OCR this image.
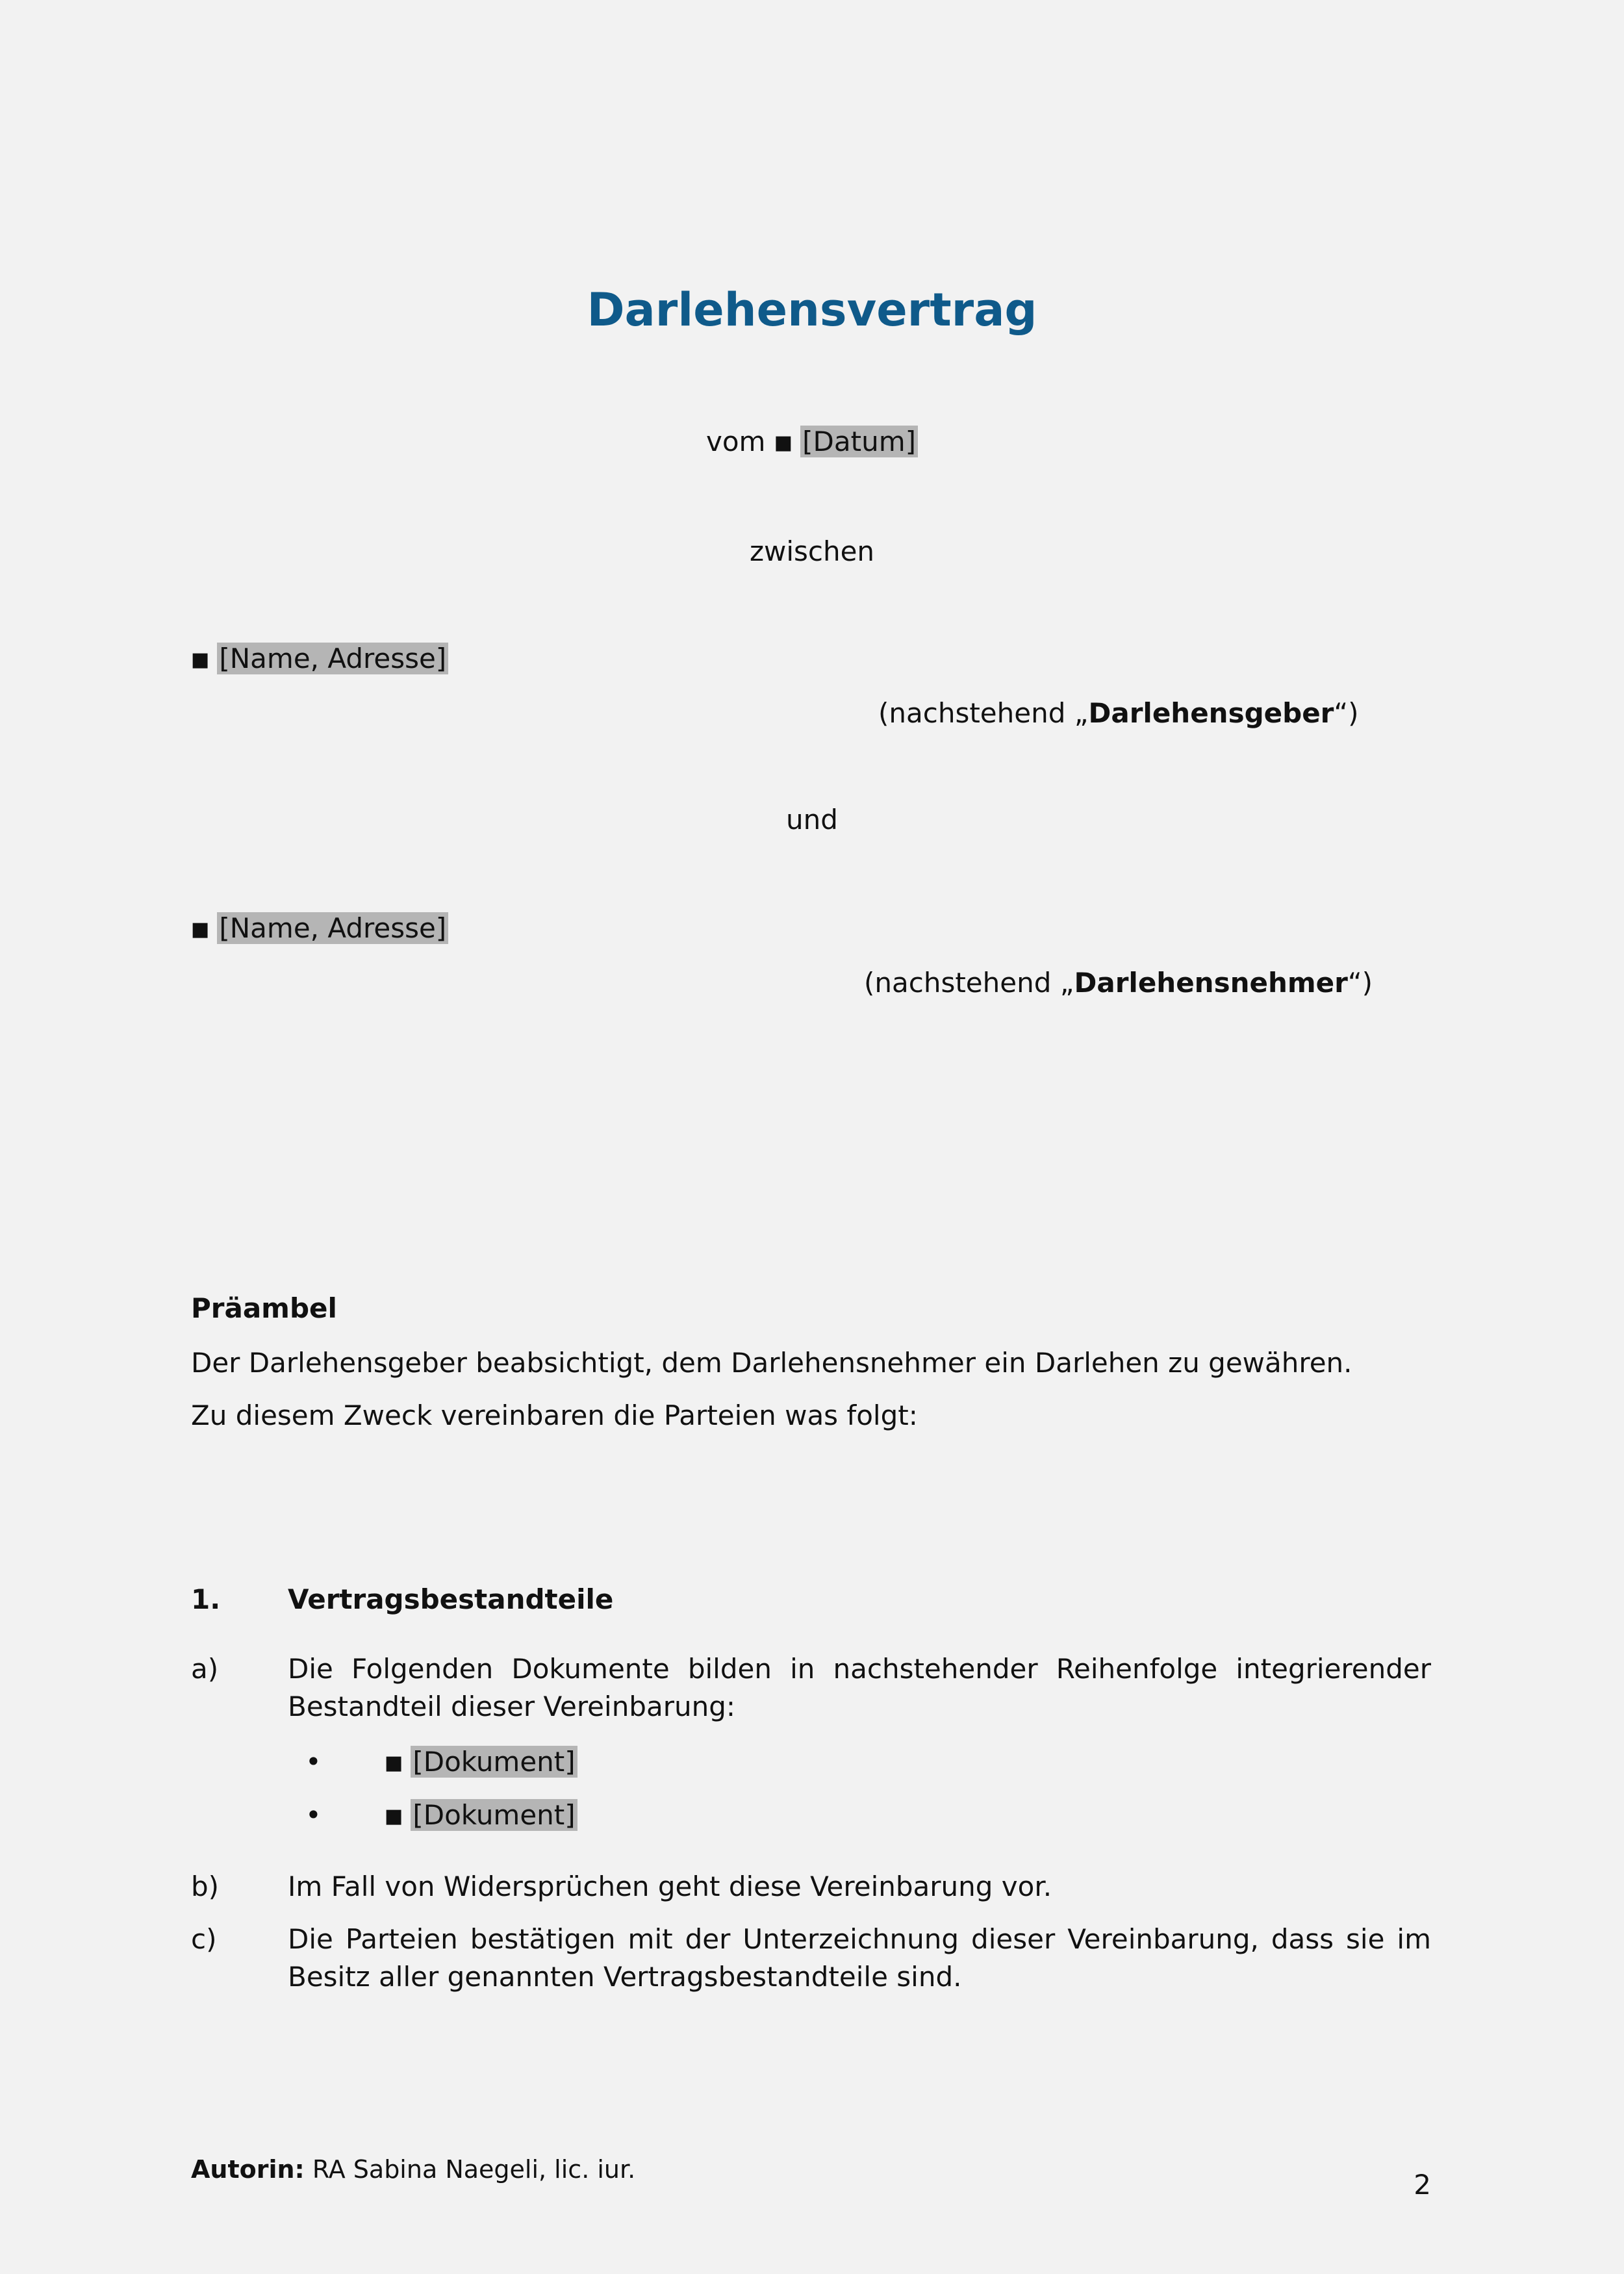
Darlehensvertrag
vom ■ [Datum]
zwischen
■ [Name, Adresse]
(nachstehend „Darlehensgeber“)
und
■ [Name, Adresse]
(nachstehend „Darlehensnehmer“)
Präambel
Der Darlehensgeber beabsichtigt, dem Darlehensnehmer ein Darlehen zu gewähren.
Zu diesem Zweck vereinbaren die Parteien was folgt:
1. Vertragsbestandteile
a)	Die Folgenden Dokumente bilden in nachstehender Reihenfolge integrierender Bestandteil dieser Vereinbarung:
•	■ [Dokument]
•	■ [Dokument]
b)	Im Fall von Widersprüchen geht diese Vereinbarung vor.
c)	Die Parteien bestätigen mit der Unterzeichnung dieser Vereinbarung, dass sie im Besitz aller genannten Vertragsbestandteile sind.
Autorin: RA Sabina Naegeli, lic. iur.	2
